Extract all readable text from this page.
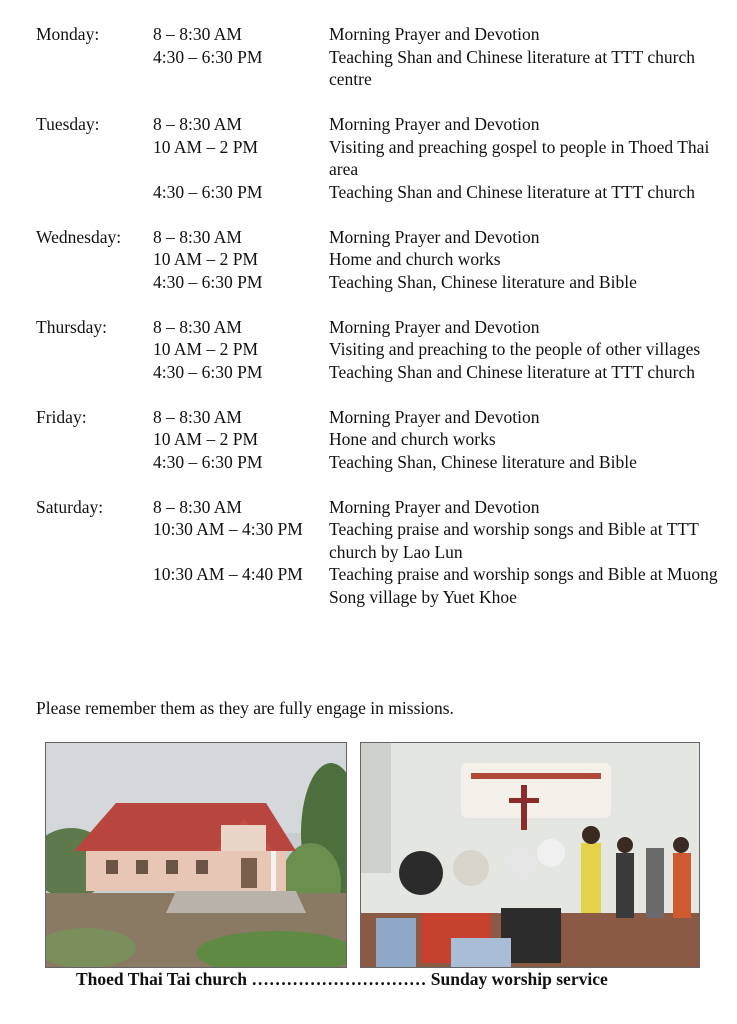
Monday:	8 – 8:30 AM	Morning Prayer and Devotion
4:30 – 6:30 PM	Teaching Shan and Chinese literature at TTT church centre
Tuesday:	8 – 8:30 AM	Morning Prayer and Devotion
10 AM – 2 PM	Visiting and preaching gospel to people in Thoed Thai area
4:30 – 6:30 PM	Teaching Shan and Chinese literature at TTT church
Wednesday:	8 – 8:30 AM	Morning Prayer and Devotion
10 AM – 2 PM	Home and church works
4:30 – 6:30 PM	Teaching Shan, Chinese literature and Bible
Thursday:	8 – 8:30 AM	Morning Prayer and Devotion
10 AM – 2 PM	Visiting and preaching to the people of other villages
4:30 – 6:30 PM	Teaching Shan and Chinese literature at TTT church
Friday:	8 – 8:30 AM	Morning Prayer and Devotion
10 AM – 2 PM	Hone and church works
4:30 – 6:30 PM	Teaching Shan, Chinese literature and Bible
Saturday:	8 – 8:30 AM	Morning Prayer and Devotion
10:30 AM – 4:30 PM	Teaching praise and worship songs and Bible at TTT church by Lao Lun
10:30 AM – 4:40 PM	Teaching praise and worship songs and Bible at Muong Song village by Yuet Khoe
Please remember them as they are fully engage in missions.
Thoed Thai Tai church ………………………… Sunday worship service
